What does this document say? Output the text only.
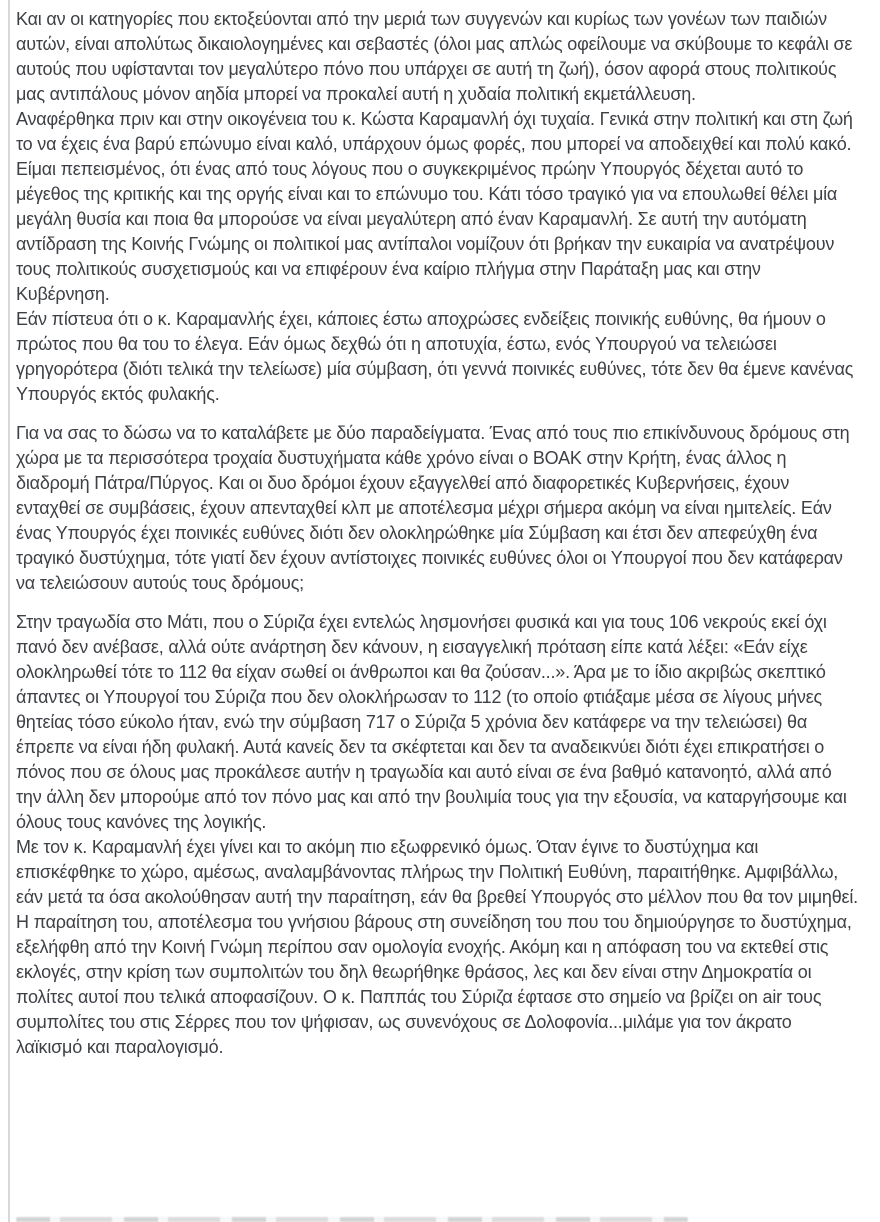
Και αν οι κατηγορίες που εκτοξεύονται από την μεριά των συγγενών και κυρίως των γονέων των παιδιών αυτών, είναι απολύτως δικαιολογημένες και σεβαστές (όλοι μας απλώς οφείλουμε να σκύβουμε το κεφάλι σε αυτούς που υφίστανται τον μεγαλύτερο πόνο που υπάρχει σε αυτή τη ζωή), όσον αφορά στους πολιτικούς μας αντιπάλους μόνον αηδία μπορεί να προκαλεί αυτή η χυδαία πολιτική εκμετάλλευση.

Αναφέρθηκα πριν και στην οικογένεια του κ. Κώστα Καραμανλή όχι τυχαία. Γενικά στην πολιτική και στη ζωή το να έχεις ένα βαρύ επώνυμο είναι καλό, υπάρχουν όμως φορές, που μπορεί να αποδειχθεί και πολύ κακό. Είμαι πεπεισμένος, ότι ένας από τους λόγους που ο συγκεκριμένος πρώην Υπουργός δέχεται αυτό το μέγεθος της κριτικής και της οργής είναι και το επώνυμο του. Κάτι τόσο τραγικό για να επουλωθεί θέλει μία μεγάλη θυσία και ποια θα μπορούσε να είναι μεγαλύτερη από έναν Καραμανλή. Σε αυτή την αυτόματη αντίδραση της Κοινής Γνώμης οι πολιτικοί μας αντίπαλοι νομίζουν ότι βρήκαν την ευκαιρία να ανατρέψουν τους πολιτικούς συσχετισμούς και να επιφέρουν ένα καίριο πλήγμα στην Παράταξη μας και στην Κυβέρνηση.

Εάν πίστευα ότι ο κ. Καραμανλής έχει, κάποιες έστω αποχρώσες ενδείξεις ποινικής ευθύνης, θα ήμουν ο πρώτος που θα του το έλεγα. Εάν όμως δεχθώ ότι η αποτυχία, έστω, ενός Υπουργού να τελειώσει γρηγορότερα (διότι τελικά την τελείωσε) μία σύμβαση, ότι γεννά ποινικές ευθύνες, τότε δεν θα έμενε κανένας Υπουργός εκτός φυλακής.

Για να σας το δώσω να το καταλάβετε με δύο παραδείγματα. Ένας από τους πιο επικίνδυνους δρόμους στη χώρα με τα περισσότερα τροχαία δυστυχήματα κάθε χρόνο είναι ο ΒΟΑΚ στην Κρήτη, ένας άλλος η διαδρομή Πάτρα/Πύργος. Και οι δυο δρόμοι έχουν εξαγγελθεί από διαφορετικές Κυβερνήσεις, έχουν ενταχθεί σε συμβάσεις, έχουν απενταχθεί κλπ με αποτέλεσμα μέχρι σήμερα ακόμη να είναι ημιτελείς. Εάν ένας Υπουργός έχει ποινικές ευθύνες διότι δεν ολοκληρώθηκε μία Σύμβαση και έτσι δεν απεφεύχθη ένα τραγικό δυστύχημα, τότε γιατί δεν έχουν αντίστοιχες ποινικές ευθύνες όλοι οι Υπουργοί που δεν κατάφεραν να τελειώσουν αυτούς τους δρόμους;

Στην τραγωδία στο Μάτι, που ο Σύριζα έχει εντελώς λησμονήσει φυσικά και για τους 106 νεκρούς εκεί όχι πανό δεν ανέβασε, αλλά ούτε ανάρτηση δεν κάνουν, η εισαγγελική πρόταση είπε κατά λέξει: «Εάν είχε ολοκληρωθεί τότε το 112 θα είχαν σωθεί οι άνθρωποι και θα ζούσαν...». Άρα με το ίδιο ακριβώς σκεπτικό άπαντες οι Υπουργοί του Σύριζα που δεν ολοκλήρωσαν το 112 (το οποίο φτιάξαμε μέσα σε λίγους μήνες θητείας τόσο εύκολο ήταν, ενώ την σύμβαση 717 ο Σύριζα 5 χρόνια δεν κατάφερε να την τελειώσει) θα έπρεπε να είναι ήδη φυλακή. Αυτά κανείς δεν τα σκέφτεται και δεν τα αναδεικνύει διότι έχει επικρατήσει ο πόνος που σε όλους μας προκάλεσε αυτήν η τραγωδία και αυτό είναι σε ένα βαθμό κατανοητό, αλλά από την άλλη δεν μπορούμε από τον πόνο μας και από την βουλιμία τους για την εξουσία, να καταργήσουμε και όλους τους κανόνες της λογικής.

Με τον κ. Καραμανλή έχει γίνει και το ακόμη πιο εξωφρενικό όμως. Όταν έγινε το δυστύχημα και επισκέφθηκε το χώρο, αμέσως, αναλαμβάνοντας πλήρως την Πολιτική Ευθύνη, παραιτήθηκε. Αμφιβάλλω, εάν μετά τα όσα ακολούθησαν αυτή την παραίτηση, εάν θα βρεθεί Υπουργός στο μέλλον που θα τον μιμηθεί. Η παραίτηση του, αποτέλεσμα του γνήσιου βάρους στη συνείδηση του που του δημιούργησε το δυστύχημα, εξελήφθη από την Κοινή Γνώμη περίπου σαν ομολογία ενοχής. Ακόμη και η απόφαση του να εκτεθεί στις εκλογές, στην κρίση των συμπολιτών του δηλ θεωρήθηκε θράσος, λες και δεν είναι στην Δημοκρατία οι πολίτες αυτοί που τελικά αποφασίζουν. Ο κ. Παππάς του Σύριζα έφτασε στο σημείο να βρίζει on air τους συμπολίτες του στις Σέρρες που τον ψήφισαν, ως συνενόχους σε Δολοφονία...μιλάμε για τον άκρατο λαϊκισμό και παραλογισμό.
